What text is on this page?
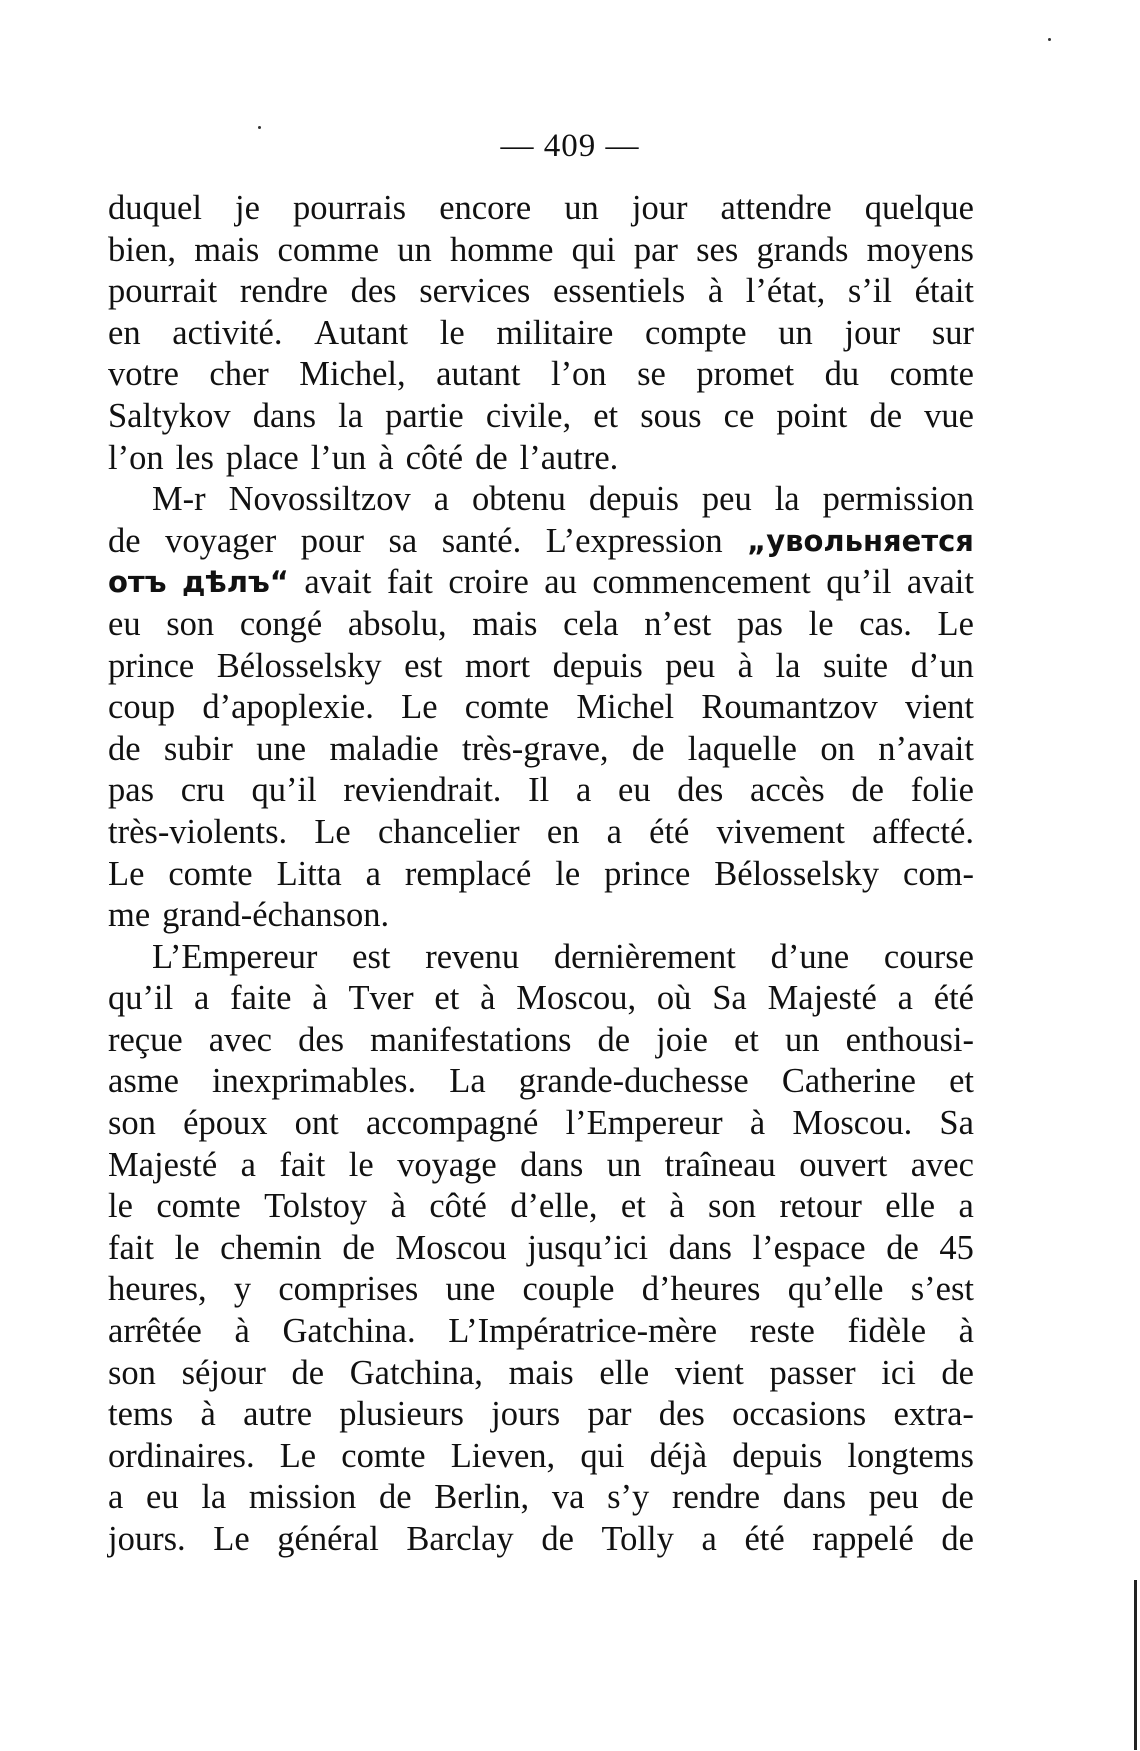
— 409 —
duquel je pourrais encore un jour attendre quelque
bien, mais comme un homme qui par ses grands moyens
pourrait rendre des services essentiels à l’état, s’il était
en activité. Autant le militaire compte un jour sur
votre cher Michel, autant l’on se promet du comte
Saltykov dans la partie civile, et sous ce point de vue
l’on les place l’un à côté de l’autre.
M-r Novossiltzov a obtenu depuis peu la permission
de voyager pour sa santé. L’expression „увольняется
отъ дѣлъ“ avait fait croire au commencement qu’il avait
eu son congé absolu, mais cela n’est pas le cas. Le
prince Bélosselsky est mort depuis peu à la suite d’un
coup d’apoplexie. Le comte Michel Roumantzov vient
de subir une maladie très-grave, de laquelle on n’avait
pas cru qu’il reviendrait. Il a eu des accès de folie
très-violents. Le chancelier en a été vivement affecté.
Le comte Litta a remplacé le prince Bélosselsky com-
me grand-échanson.
L’Empereur est revenu dernièrement d’une course
qu’il a faite à Tver et à Moscou, où Sa Majesté a été
reçue avec des manifestations de joie et un enthousi-
asme inexprimables. La grande-duchesse Catherine et
son époux ont accompagné l’Empereur à Moscou. Sa
Majesté a fait le voyage dans un traîneau ouvert avec
le comte Tolstoy à côté d’elle, et à son retour elle a
fait le chemin de Moscou jusqu’ici dans l’espace de 45
heures, y comprises une couple d’heures qu’elle s’est
arrêtée à Gatchina. L’Impératrice-mère reste fidèle à
son séjour de Gatchina, mais elle vient passer ici de
tems à autre plusieurs jours par des occasions extra-
ordinaires. Le comte Lieven, qui déjà depuis longtems
a eu la mission de Berlin, va s’y rendre dans peu de
jours. Le général Barclay de Tolly a été rappelé de
